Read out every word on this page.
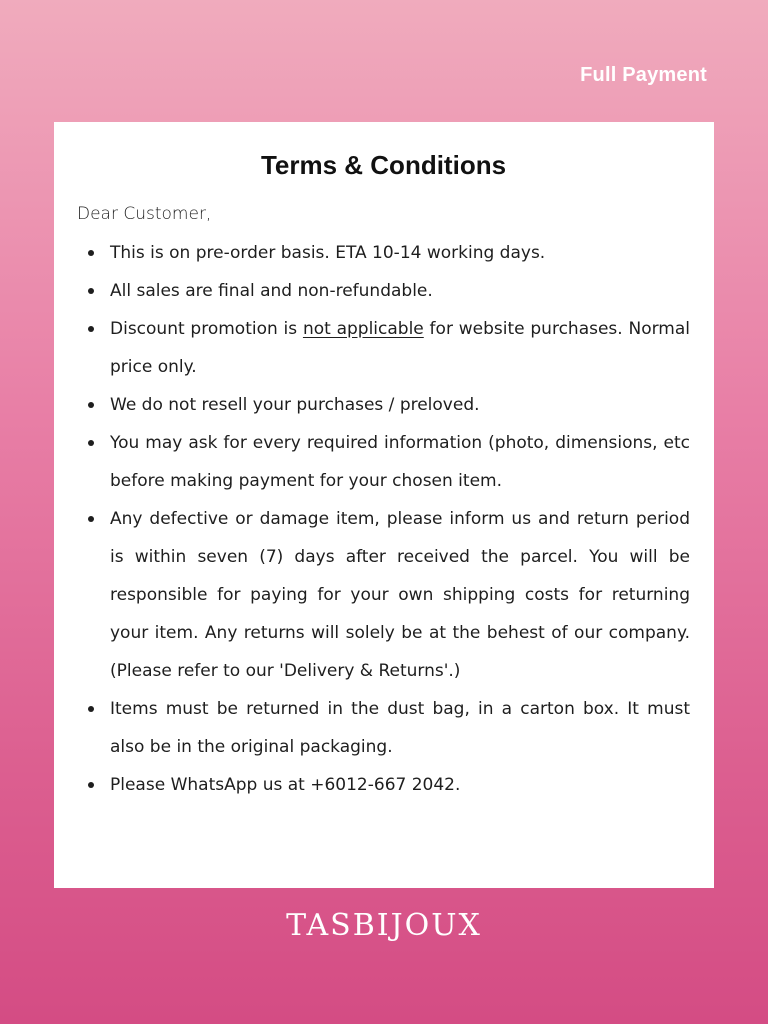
Full Payment
Terms & Conditions

Dear Customer,

This is on pre-order basis. ETA 10-14 working days.
All sales are final and non-refundable.
Discount promotion is not applicable for website purchases. Normal price only.
We do not resell your purchases / preloved.
You may ask for every required information (photo, dimensions, etc before making payment for your chosen item.
Any defective or damage item, please inform us and return period is within seven (7) days after received the parcel. You will be responsible for paying for your own shipping costs for returning your item. Any returns will solely be at the behest of our company. (Please refer to our 'Delivery & Returns'.)
Items must be returned in the dust bag, in a carton box. It must also be in the original packaging.
Please WhatsApp us at +6012-667 2042.
TASBIJOUX
